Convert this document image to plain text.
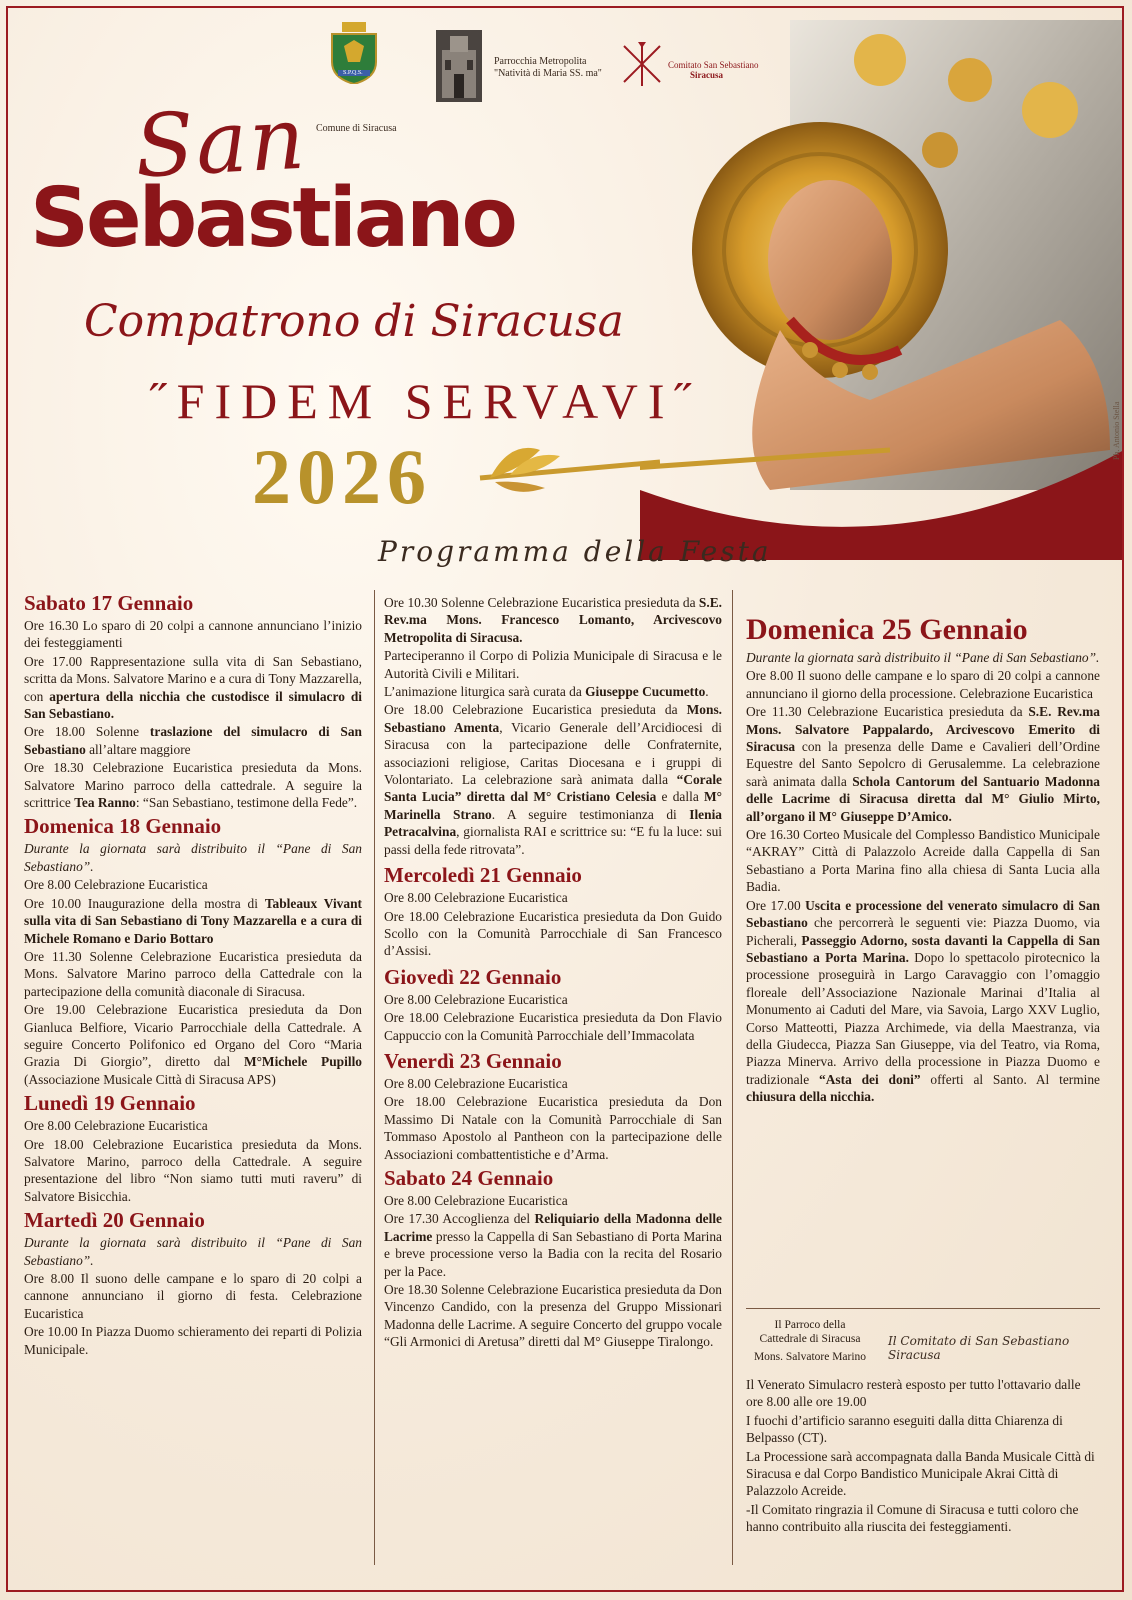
Ph. Antonio Stella
S.P.Q.S.
Comune di Siracusa
Parrocchia Metropolita
"Natività di Maria SS. ma"
Comitato San Sebastiano
Siracusa
San
Sebastiano
Compatrono di Siracusa
˝FIDEM SERVAVI˝
2026
Programma della Festa

Sabato 17 Gennaio

Ore 16.30 Lo sparo di 20 colpi a cannone annunciano l’inizio dei festeggiamenti

Ore 17.00 Rappresentazione sulla vita di San Sebastiano, scritta da Mons. Salvatore Marino e a cura di Tony Mazzarella, con apertura della nicchia che custodisce il simulacro di San Sebastiano.

Ore 18.00 Solenne traslazione del simulacro di San Sebastiano all’altare maggiore

Ore 18.30 Celebrazione Eucaristica presieduta da Mons. Salvatore Marino parroco della cattedrale. A seguire la scrittrice Tea Ranno: “San Sebastiano, testimone della Fede”.

Domenica 18 Gennaio

Durante la giornata sarà distribuito il “Pane di San Sebastiano”.

Ore 8.00 Celebrazione Eucaristica

Ore 10.00 Inaugurazione della mostra di Tableaux Vivant sulla vita di San Sebastiano di Tony Mazzarella e a cura di Michele Romano e Dario Bottaro

Ore 11.30 Solenne Celebrazione Eucaristica presieduta da Mons. Salvatore Marino parroco della Cattedrale con la partecipazione della comunità diaconale di Siracusa.

Ore 19.00 Celebrazione Eucaristica presieduta da Don Gianluca Belfiore, Vicario Parrocchiale della Cattedrale. A seguire Concerto Polifonico ed Organo del Coro “Maria Grazia Di Giorgio”, diretto dal M°Michele Pupillo (Associazione Musicale Città di Siracusa APS)

Lunedì 19 Gennaio

Ore 8.00 Celebrazione Eucaristica

Ore 18.00 Celebrazione Eucaristica presieduta da Mons. Salvatore Marino, parroco della Cattedrale. A seguire presentazione del libro “Non siamo tutti muti raveru” di Salvatore Bisicchia.

Martedì 20 Gennaio

Durante la giornata sarà distribuito il “Pane di San Sebastiano”.

Ore 8.00 Il suono delle campane e lo sparo di 20 colpi a cannone annunciano il giorno di festa. Celebrazione Eucaristica

Ore 10.00 In Piazza Duomo schieramento dei reparti di Polizia Municipale.

Ore 10.30 Solenne Celebrazione Eucaristica presieduta da S.E. Rev.ma Mons. Francesco Lomanto, Arcivescovo Metropolita di Siracusa.

Parteciperanno il Corpo di Polizia Municipale di Siracusa e le Autorità Civili e Militari.

L’animazione liturgica sarà curata da Giuseppe Cucumetto.

Ore 18.00 Celebrazione Eucaristica presieduta da Mons. Sebastiano Amenta, Vicario Generale dell’Arcidiocesi di Siracusa con la partecipazione delle Confraternite, associazioni religiose, Caritas Diocesana e i gruppi di Volontariato. La celebrazione sarà animata dalla “Corale Santa Lucia” diretta dal M° Cristiano Celesia e dalla M° Marinella Strano. A seguire testimonianza di Ilenia Petracalvina, giornalista RAI e scrittrice su: “E fu la luce: sui passi della fede ritrovata”.

Mercoledì 21 Gennaio

Ore 8.00 Celebrazione Eucaristica

Ore 18.00 Celebrazione Eucaristica presieduta da Don Guido Scollo con la Comunità Parrocchiale di San Francesco d’Assisi.

Giovedì 22 Gennaio

Ore 8.00 Celebrazione Eucaristica

Ore 18.00 Celebrazione Eucaristica presieduta da Don Flavio Cappuccio con la Comunità Parrocchiale dell’Immacolata

Venerdì 23 Gennaio

Ore 8.00 Celebrazione Eucaristica

Ore 18.00 Celebrazione Eucaristica presieduta da Don Massimo Di Natale con la Comunità Parrocchiale di San Tommaso Apostolo al Pantheon con la partecipazione delle Associazioni combattentistiche e d’Arma.

Sabato 24 Gennaio

Ore 8.00 Celebrazione Eucaristica

Ore 17.30 Accoglienza del Reliquiario della Madonna delle Lacrime presso la Cappella di San Sebastiano di Porta Marina e breve processione verso la Badia con la recita del Rosario per la Pace.

Ore 18.30 Solenne Celebrazione Eucaristica presieduta da Don Vincenzo Candido, con la presenza del Gruppo Missionari Madonna delle Lacrime. A seguire Concerto del gruppo vocale “Gli Armonici di Aretusa” diretti dal M° Giuseppe Tiralongo.

Domenica 25 Gennaio

Durante la giornata sarà distribuito il “Pane di San Sebastiano”.

Ore 8.00 Il suono delle campane e lo sparo di 20 colpi a cannone annunciano il giorno della processione. Celebrazione Eucaristica

Ore 11.30 Celebrazione Eucaristica presieduta da S.E. Rev.ma Mons. Salvatore Pappalardo, Arcivescovo Emerito di Siracusa con la presenza delle Dame e Cavalieri dell’Ordine Equestre del Santo Sepolcro di Gerusalemme. La celebrazione sarà animata dalla Schola Cantorum del Santuario Madonna delle Lacrime di Siracusa diretta dal M° Giulio Mirto, all’organo il M° Giuseppe D’Amico.

Ore 16.30 Corteo Musicale del Complesso Bandistico Municipale “AKRAY” Città di Palazzolo Acreide dalla Cappella di San Sebastiano a Porta Marina fino alla chiesa di Santa Lucia alla Badia.

Ore 17.00 Uscita e processione del venerato simulacro di San Sebastiano che percorrerà le seguenti vie: Piazza Duomo, via Picherali, Passeggio Adorno, sosta davanti la Cappella di San Sebastiano a Porta Marina. Dopo lo spettacolo pirotecnico la processione proseguirà in Largo Caravaggio con l’omaggio floreale dell’Associazione Nazionale Marinai d’Italia al Monumento ai Caduti del Mare, via Savoia, Largo XXV Luglio, Corso Matteotti, Piazza Archimede, via della Maestranza, via della Giudecca, Piazza San Giuseppe, via del Teatro, via Roma, Piazza Minerva. Arrivo della processione in Piazza Duomo e tradizionale “Asta dei doni” offerti al Santo. Al termine chiusura della nicchia.

Il Parroco della
Cattedrale di Siracusa
Mons. Salvatore Marino
Il Comitato di San Sebastiano Siracusa

Il Venerato Simulacro resterà esposto per tutto l'ottavario dalle ore 8.00 alle ore 19.00

I fuochi d’artificio saranno eseguiti dalla ditta Chiarenza di Belpasso (CT).

La Processione sarà accompagnata dalla Banda Musicale Città di Siracusa e dal Corpo Bandistico Municipale Akrai Città di Palazzolo Acreide.

-Il Comitato ringrazia il Comune di Siracusa e tutti coloro che hanno contribuito alla riuscita dei festeggiamenti.
